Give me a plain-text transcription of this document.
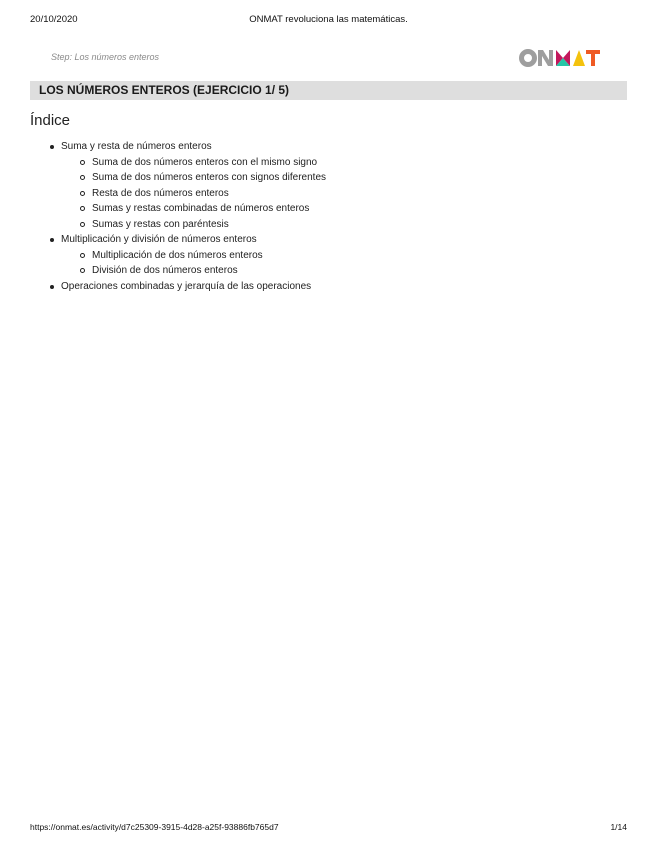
20/10/2020	ONMAT revoluciona las matemáticas.
Step: Los números enteros
LOS NÚMEROS ENTEROS (EJERCICIO 1/ 5)
Índice
Suma y resta de números enteros
Suma de dos números enteros con el mismo signo
Suma de dos números enteros con signos diferentes
Resta de dos números enteros
Sumas y restas combinadas de números enteros
Sumas y restas con paréntesis
Multiplicación y división de números enteros
Multiplicación de dos números enteros
División de dos números enteros
Operaciones combinadas y jerarquía de las operaciones
https://onmat.es/activity/d7c25309-3915-4d28-a25f-93886fb765d7	1/14
